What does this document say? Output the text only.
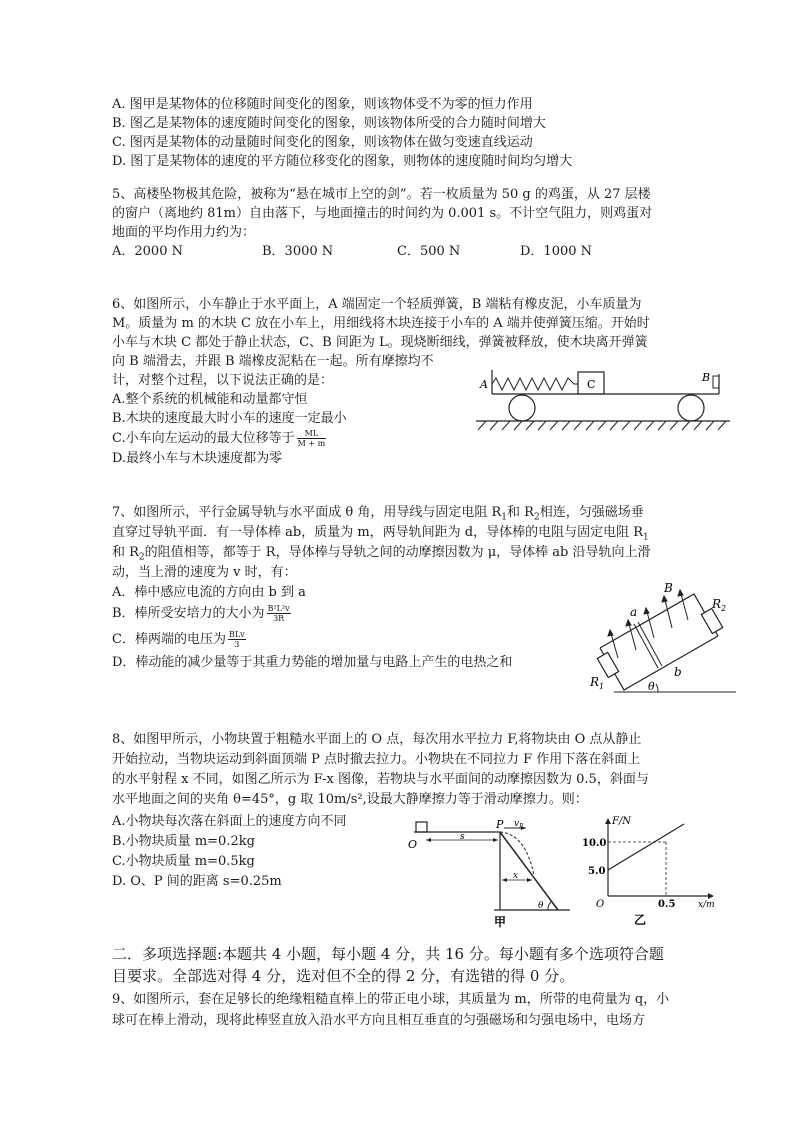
A. 图甲是某物体的位移随时间变化的图象，则该物体受不为零的恒力作用
B. 图乙是某物体的速度随时间变化的图象，则该物体所受的合力随时间增大
C. 图丙是某物体的动量随时间变化的图象，则该物体在做匀变速直线运动
D. 图丁是某物体的速度的平方随位移变化的图象，则物体的速度随时间均匀增大
5、高楼坠物极其危险，被称为“悬在城市上空的剑”。若一枚质量为 50 g 的鸡蛋，从 27 层楼
的窗户（离地约 81m）自由落下，与地面撞击的时间约为 0.001 s。不计空气阻力，则鸡蛋对
地面的平均作用力约为：
A．2000 N	B．3000 N	C．500 N	D．1000 N
6、如图所示，小车静止于水平面上，A 端固定一个轻质弹簧，B 端粘有橡皮泥，小车质量为
M。质量为 m 的木块 C 放在小车上，用细线将木块连接于小车的 A 端并使弹簧压缩。开始时
小车与木块 C 都处于静止状态，C、B 间距为 L。现烧断细线，弹簧被释放，使木块离开弹簧
向 B 端滑去，并跟 B 端橡皮泥粘在一起。所有摩擦均不
计，对整个过程，以下说法正确的是：
A.整个系统的机械能和动量都守恒
B.木块的速度最大时小车的速度一定最小
C.小车向左运动的最大位移等于 $\frac{ML}{M + m}$
D.最终小车与木块速度都为零
C
A
B
7、如图所示，平行金属导轨与水平面成 θ 角，用导线与固定电阻 $R_1$和 $R_2$相连，匀强磁场垂
直穿过导轨平面．有一导体棒 ab，质量为 m，两导轨间距为 d，导体棒的电阻与固定电阻 $R_1$
和 $R_2$的阻值相等，都等于 R，导体棒与导轨之间的动摩擦因数为 μ，导体棒 ab 沿导轨向上滑
动，当上滑的速度为 v 时，有：
A．棒中感应电流的方向由 b 到 a
B．棒所受安培力的大小为 $\frac{\text{B²L²v}}{3R}$
C．棒两端的电压为 $\frac{\text{BLv}}{3}$
D．棒动能的减少量等于其重力势能的增加量与电路上产生的电热之和
θ
B
a
b
$R_2$
$R_1$
8、如图甲所示，小物块置于粗糙水平面上的 O 点，每次用水平拉力 F,将物块由 O 点从静止
开始拉动，当物块运动到斜面顶端 P 点时撤去拉力。小物块在不同拉力 F 作用下落在斜面上
的水平射程 x 不同，如图乙所示为 F-x 图像，若物块与水平面间的动摩擦因数为 0.5，斜面与
水平地面之间的夹角 θ=45°，g 取 10m/s²,设最大静摩擦力等于滑动摩擦力。则：
A.小物块每次落在斜面上的速度方向不同
B.小物块质量 m=0.2kg
C.小物块质量 m=0.5kg
D. O、P 间的距离 s=0.25m
O
P $v_P$
s
x
θ
甲
F/N
10.0
5.0
O	0.5	x/m
乙
二．多项选择题:本题共 4 小题，每小题 4 分，共 16 分。每小题有多个选项符合题
目要求。全部选对得 4 分，选对但不全的得 2 分，有选错的得 0 分。
9、如图所示，套在足够长的绝缘粗糙直棒上的带正电小球，其质量为 m，所带的电荷量为 q，小
球可在棒上滑动，现将此棒竖直放入沿水平方向且相互垂直的匀强磁场和匀强电场中，电场方
